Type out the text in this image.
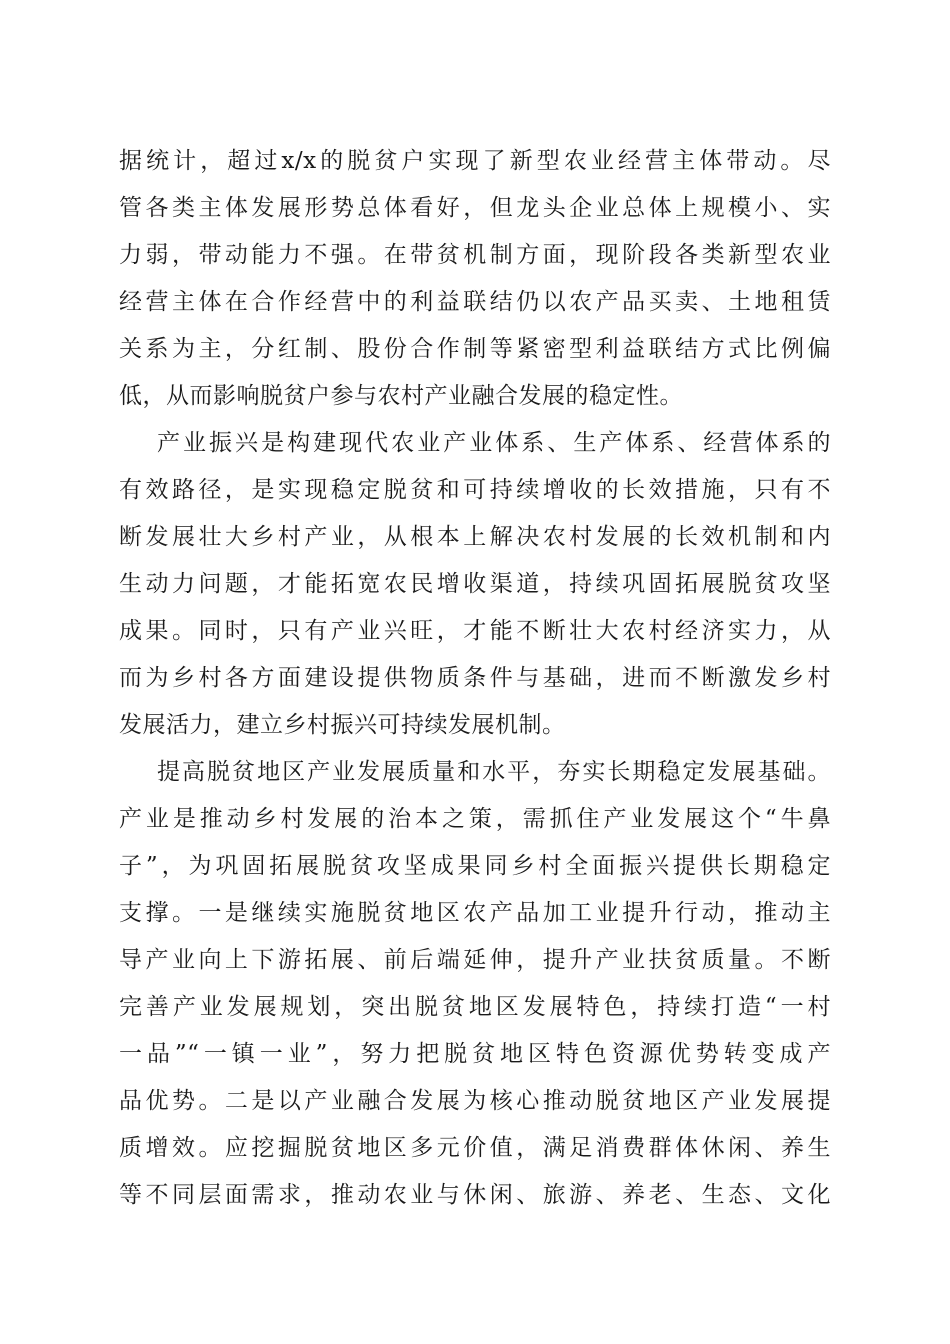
据统计，超过x/x的脱贫户实现了新型农业经营主体带动。尽
管各类主体发展形势总体看好，但龙头企业总体上规模小、实
力弱，带动能力不强。在带贫机制方面，现阶段各类新型农业
经营主体在合作经营中的利益联结仍以农产品买卖、土地租赁
关系为主，分红制、股份合作制等紧密型利益联结方式比例偏
低，从而影响脱贫户参与农村产业融合发展的稳定性。
产业振兴是构建现代农业产业体系、生产体系、经营体系的
有效路径，是实现稳定脱贫和可持续增收的长效措施，只有不
断发展壮大乡村产业，从根本上解决农村发展的长效机制和内
生动力问题，才能拓宽农民增收渠道，持续巩固拓展脱贫攻坚
成果。同时，只有产业兴旺，才能不断壮大农村经济实力，从
而为乡村各方面建设提供物质条件与基础，进而不断激发乡村
发展活力，建立乡村振兴可持续发展机制。
提高脱贫地区产业发展质量和水平，夯实长期稳定发展基础。
产业是推动乡村发展的治本之策，需抓住产业发展这个“牛鼻
子”，为巩固拓展脱贫攻坚成果同乡村全面振兴提供长期稳定
支撑。一是继续实施脱贫地区农产品加工业提升行动，推动主
导产业向上下游拓展、前后端延伸，提升产业扶贫质量。不断
完善产业发展规划，突出脱贫地区发展特色，持续打造“一村
一品”“一镇一业”，努力把脱贫地区特色资源优势转变成产
品优势。二是以产业融合发展为核心推动脱贫地区产业发展提
质增效。应挖掘脱贫地区多元价值，满足消费群体休闲、养生
等不同层面需求，推动农业与休闲、旅游、养老、生态、文化
